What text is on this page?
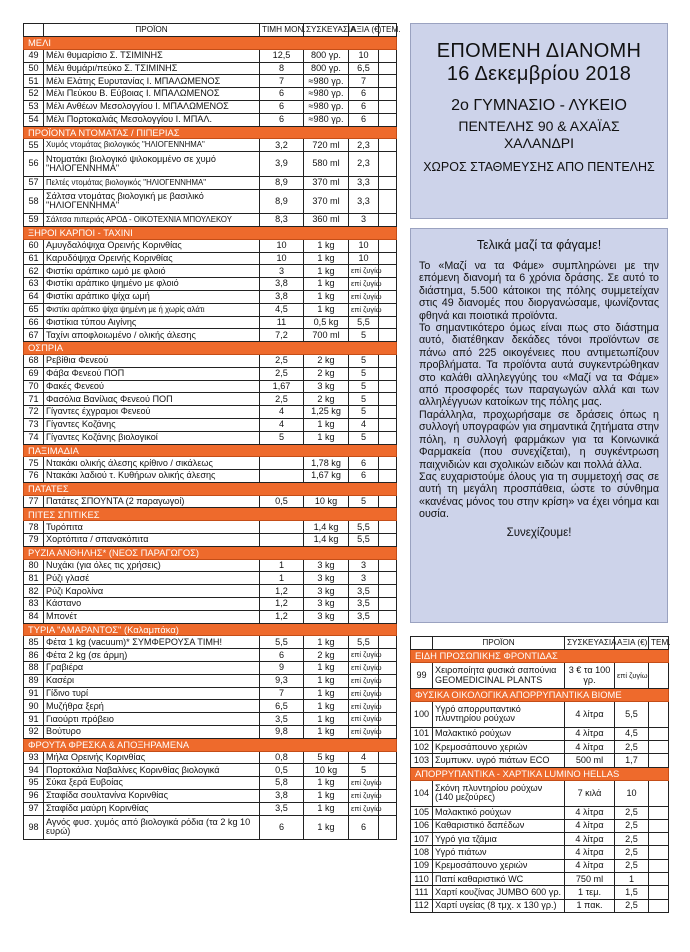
	ΠΡΟΪΟΝ	ΤΙΜΗ ΜΟΝ.	ΣΥΣΚΕΥΑΣΙΑ	ΑΞΙΑ (€)	ΤΕΜ.
ΜΕΛΙ					
49	Μέλι θυμαρίσιο Σ. ΤΣΙΜΙΝΗΣ	12,5	800 γρ.	10	
50	Μέλι θυμάρι/πεύκο Σ. ΤΣΙΜΙΝΗΣ	8	800 γρ.	6,5	
51	Μέλι Ελάτης Ευρυτανίας Ι. ΜΠΑΛΩΜΕΝΟΣ	7	≈980 γρ.	7	
52	Μέλι Πεύκου Β. Εύβοιας Ι. ΜΠΑΛΩΜΕΝΟΣ	6	≈980 γρ.	6	
53	Μέλι Ανθέων Μεσολογγίου Ι. ΜΠΑΛΩΜΕΝΟΣ	6	≈980 γρ.	6	
54	Μέλι Πορτοκαλιάς Μεσολογγίου Ι. ΜΠΑΛ.	6	≈980 γρ.	6	
ΠΡΟΪΟΝΤΑ ΝΤΟΜΑΤΑΣ / ΠΙΠΕΡΙΑΣ					
55	Χυμός ντομάτας βιολογικός "ΗΛΙΟΓΕΝΝΗΜΑ"	3,2	720 ml	2,3	
56	Ντοματάκι βιολογικό ψιλοκομμένο σε χυμό "ΗΛΙΟΓΕΝΝΗΜΑ"	3,9	580 ml	2,3	
57	Πελτές ντομάτας βιολογικός "ΗΛΙΟΓΕΝΝΗΜΑ"	8,9	370 ml	3,3	
58	Σάλτσα ντομάτας βιολογική με βασιλικό "ΗΛΙΟΓΕΝΝΗΜΑ"	8,9	370 ml	3,3	
59	Σάλτσα πιπεριάς ΑΡΟΔ - ΟΙΚΟΤΕΧΝΙΑ ΜΠΟΥΛΕΚΟΥ	8,3	360 ml	3	
ΞΗΡΟΙ ΚΑΡΠΟΙ - ΤΑΧΙΝΙ					
60	Αμυγδαλόψιχα Ορεινής Κορινθίας	10	1 kg	10	
61	Καρυδόψιχα Ορεινής Κορινθίας	10	1 kg	10	
62	Φιστίκι αράπικο ωμό με φλοιό	3	1 kg	επί ζυγίω	
63	Φιστίκι αράπικο ψημένο με φλοιό	3,8	1 kg	επί ζυγίω	
64	Φιστίκι αράπικο ψίχα ωμή	3,8	1 kg	επί ζυγίω	
65	Φιστίκι αράπικο ψίχα ψημένη με ή χωρίς αλάτι	4,5	1 kg	επί ζυγίω	
66	Φιστίκια τύπου Αιγίνης	11	0,5 kg	5,5	
67	Ταχίνι αποφλοιωμένο / ολικής άλεσης	7,2	700 ml	5	
ΟΣΠΡΙΑ					
68	Ρεβίθια Φενεού	2,5	2 kg	5	
69	Φάβα Φενεού ΠΟΠ	2,5	2 kg	5	
70	Φακές Φενεού	1,67	3 kg	5	
71	Φασόλια Βανίλιας Φενεού ΠΟΠ	2,5	2 kg	5	
72	Γίγαντες έχγραμοι Φενεού	4	1,25 kg	5	
73	Γίγαντες Κοζάνης	4	1 kg	4	
74	Γίγαντες Κοζάνης βιολογικοί	5	1 kg	5	
ΠΑΞΙΜΑΔΙΑ					
75	Ντακάκι ολικής άλεσης κρίθινο / σικάλεως		1,78 kg	6	
76	Ντακάκι λαδιού τ. Κυθήρων ολικής άλεσης		1,67 kg	6	
ΠΑΤΑΤΕΣ					
77	Πατάτες ΣΠΟΥΝΤΑ (2 παραγωγοί)	0,5	10 kg	5	
ΠΙΤΕΣ ΣΠΙΤΙΚΕΣ					
78	Τυρόπιτα		1,4 kg	5,5	
79	Χορτόπιτα / σπανακόπιτα		1,4 kg	5,5	
ΡΥΖΙΑ ΑΝΘΗΛΗΣ* (ΝΕΟΣ ΠΑΡΑΓΩΓΟΣ)					
80	Νυχάκι (για όλες τις χρήσεις)	1	3 kg	3	
81	Ρύζι γλασέ	1	3 kg	3	
82	Ρύζι Καρολίνα	1,2	3 kg	3,5	
83	Κάστανο	1,2	3 kg	3,5	
84	Μπονέτ	1,2	3 kg	3,5	
ΤΥΡΙΑ "ΑΜΑΡΑΝΤΟΣ" (Καλαμπάκα)					
85	Φέτα 1 kg (vacuum)* ΣΥΜΦΕΡΟΥΣΑ ΤΙΜΗ!	5,5	1 kg	5,5	
86	Φέτα 2 kg (σε άρμη)	6	2 kg	επί ζυγίω	
88	Γραβιέρα	9	1 kg	επί ζυγίω	
89	Κασέρι	9,3	1 kg	επί ζυγίω	
91	Γίδινο τυρί	7	1 kg	επί ζυγίω	
90	Μυζήθρα ξερή	6,5	1 kg	επί ζυγίω	
91	Γιαούρτι πρόβειο	3,5	1 kg	επί ζυγίω	
92	Βούτυρο	9,8	1 kg	επί ζυγίω	
ΦΡΟΥΤΑ ΦΡΕΣΚΑ & ΑΠΟΞΗΡΑΜΕΝΑ					
93	Μήλα Ορεινής Κορινθίας	0,8	5 kg	4	
94	Πορτοκάλια Ναβαλίνες Κορινθίας βιολογικά	0,5	10 kg	5	
95	Σύκα ξερά Ευβοίας	5,8	1 kg	επί ζυγίω	
96	Σταφίδα σουλτανίνα Κορινθίας	3,8	1 kg	επί ζυγίω	
97	Σταφίδα μαύρη Κορινθίας	3,5	1 kg	επί ζυγίω	
98	Αγνός φυσ. χυμός από βιολογικά ρόδια (τα 2 kg 10 ευρώ)	6	1 kg	6	
ΕΠΟΜΕΝΗ ΔΙΑΝΟΜΗ
16 Δεκεμβρίου 2018
2ο ΓΥΜΝΑΣΙΟ - ΛΥΚΕΙΟ
ΠΕΝΤΕΛΗΣ 90 & ΑΧΑΪΑΣ
ΧΑΛΑΝΔΡΙ
ΧΩΡΟΣ ΣΤΑΘΜΕΥΣΗΣ ΑΠΟ ΠΕΝΤΕΛΗΣ
Τελικά μαζί τα φάγαμε!

Το «Μαζί να τα Φάμε» συμπληρώνει με την επόμενη διανομή τα 6 χρόνια δράσης. Σε αυτό το διάστημα, 5.500 κάτοικοι της πόλης συμμετείχαν στις 49 διανομές που διοργανώσαμε, ψωνίζοντας φθηνά και ποιοτικά προϊόντα.

Το σημαντικότερο όμως είναι πως στο διάστημα αυτό, διατέθηκαν δεκάδες τόνοι προϊόντων σε πάνω από 225 οικογένειες που αντιμετωπίζουν προβλήματα. Τα προϊόντα αυτά συγκεντρώθηκαν στο καλάθι αλληλεγγύης του «Μαζί να τα Φάμε» από προσφορές των παραγωγών αλλά και των αλληλέγγυων κατοίκων της πόλης μας.

Παράλληλα, προχωρήσαμε σε δράσεις όπως η συλλογή υπογραφών για σημαντικά ζητήματα στην πόλη, η συλλογή φαρμάκων για τα Κοινωνικά Φαρμακεία (που συνεχίζεται), η συγκέντρωση παιχνιδιών και σχολικών ειδών και πολλά άλλα.

Σας ευχαριστούμε όλους για τη συμμετοχή σας σε αυτή τη μεγάλη προσπάθεια, ώστε το σύνθημα «κανένας μόνος του στην κρίση» να έχει νόημα και ουσία.

Συνεχίζουμε!
	ΠΡΟΪΟΝ	ΣΥΣΚΕΥΑΣΙΑ	ΑΞΙΑ (€)	ΤΕΜ.
ΕΙΔΗ ΠΡΟΣΩΠΙΚΗΣ ΦΡΟΝΤΙΔΑΣ				
99	Χειροποίητα φυσικά σαπούνια GEOMEDICINAL PLANTS	3 € τα 100 γρ.	επί ζυγίω	
ΦΥΣΙΚΑ ΟΙΚΟΛΟΓΙΚΑ ΑΠΟΡΡΥΠΑΝΤΙΚΑ ΒΙΟΜΕ				
100	Υγρό απορρυπαντικό πλυντηρίου ρούχων	4 λίτρα	5,5	
101	Μαλακτικό ρούχων	4 λίτρα	4,5	
102	Κρεμοσάπουνο χεριών	4 λίτρα	2,5	
103	Συμπυκν. υγρό πιάτων ECO	500 ml	1,7	
ΑΠΟΡΡΥΠΑΝΤΙΚΑ - ΧΑΡΤΙΚΑ LUMINO HELLAS				
104	Σκόνη πλυντηρίου ρούχων (140 μεζούρες)	7 κιλά	10	
105	Μαλακτικό ρούχων	4 λίτρα	2,5	
106	Καθαριστικό δαπέδων	4 λίτρα	2,5	
107	Υγρό για τζάμια	4 λίτρα	2,5	
108	Υγρό πιάτων	4 λίτρα	2,5	
109	Κρεμοσάπουνο χεριών	4 λίτρα	2,5	
110	Παπί καθαριστικό WC	750 ml	1	
111	Χαρτί κουζίνας JUMBO 600 γρ.	1 τεμ.	1,5	
112	Χαρτί υγείας (8 τμχ. x 130 γρ.)	1 πακ.	2,5	
